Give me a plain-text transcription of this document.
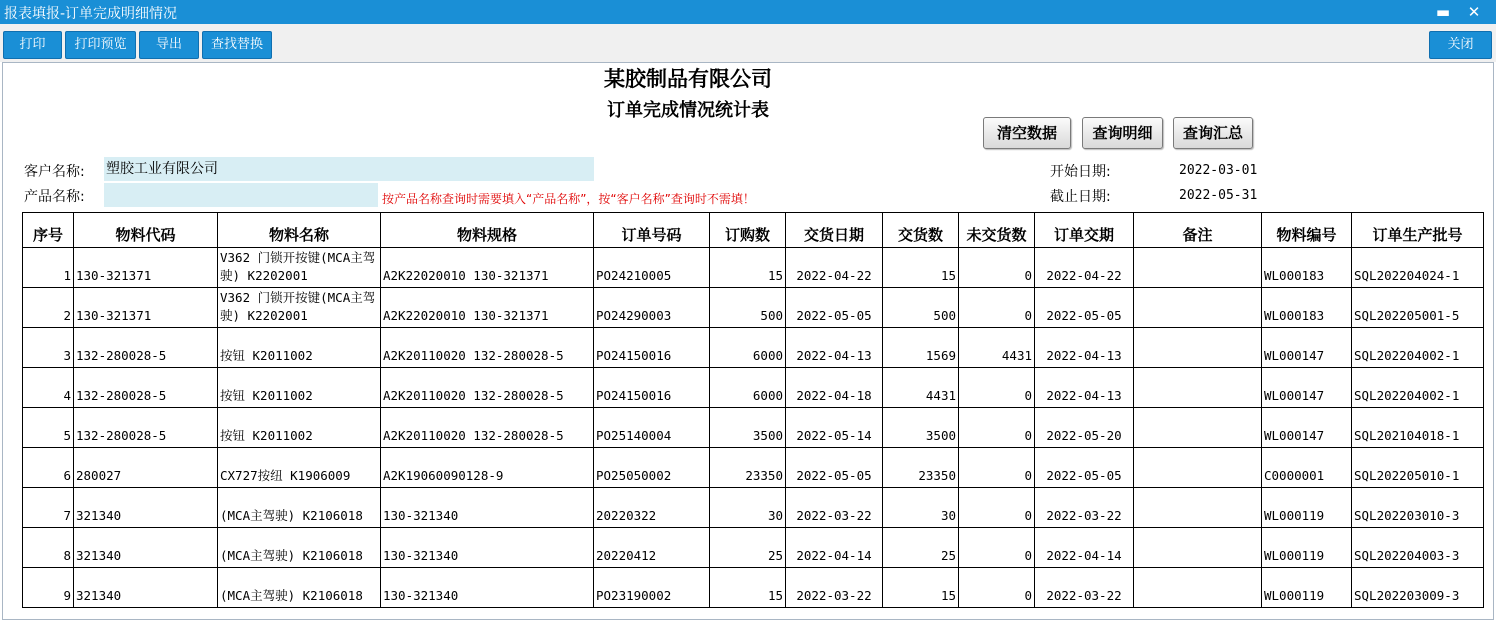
报表填报-订单完成明细情况	▬	✕
打印	打印预览	导出	查找替换	关闭
某胶制品有限公司
订单完成情况统计表
清空数据	查询明细	查询汇总
客户名称: 塑胶工业有限公司
产品名称:	按产品名称查询时需要填入“产品名称”，按“客户名称”查询时不需填！
开始日期:	2022-03-01
截止日期:	2022-05-31
序号	物料代码	物料名称	物料规格	订单号码	订购数	交货日期	交货数	未交货数	订单交期	备注	物料编号	订单生产批号
1	130-321371	V362 门锁开按键(MCA主驾驶) K2202001	A2K22020010 130-321371	PO24210005	15	2022-04-22	15	0	2022-04-22		WL000183	SQL202204024-1
2	130-321371	V362 门锁开按键(MCA主驾驶) K2202001	A2K22020010 130-321371	PO24290003	500	2022-05-05	500	0	2022-05-05		WL000183	SQL202205001-5
3	132-280028-5	按钮 K2011002	A2K20110020 132-280028-5	PO24150016	6000	2022-04-13	1569	4431	2022-04-13		WL000147	SQL202204002-1
4	132-280028-5	按钮 K2011002	A2K20110020 132-280028-5	PO24150016	6000	2022-04-18	4431	0	2022-04-13		WL000147	SQL202204002-1
5	132-280028-5	按钮 K2011002	A2K20110020 132-280028-5	PO25140004	3500	2022-05-14	3500	0	2022-05-20		WL000147	SQL202104018-1
6	280027	CX727按纽 K1906009	A2K19060090128-9	PO25050002	23350	2022-05-05	23350	0	2022-05-05		C0000001	SQL202205010-1
7	321340	(MCA主驾驶) K2106018	130-321340	20220322	30	2022-03-22	30	0	2022-03-22		WL000119	SQL202203010-3
8	321340	(MCA主驾驶) K2106018	130-321340	20220412	25	2022-04-14	25	0	2022-04-14		WL000119	SQL202204003-3
9	321340	(MCA主驾驶) K2106018	130-321340	PO23190002	15	2022-03-22	15	0	2022-03-22		WL000119	SQL202203009-3
